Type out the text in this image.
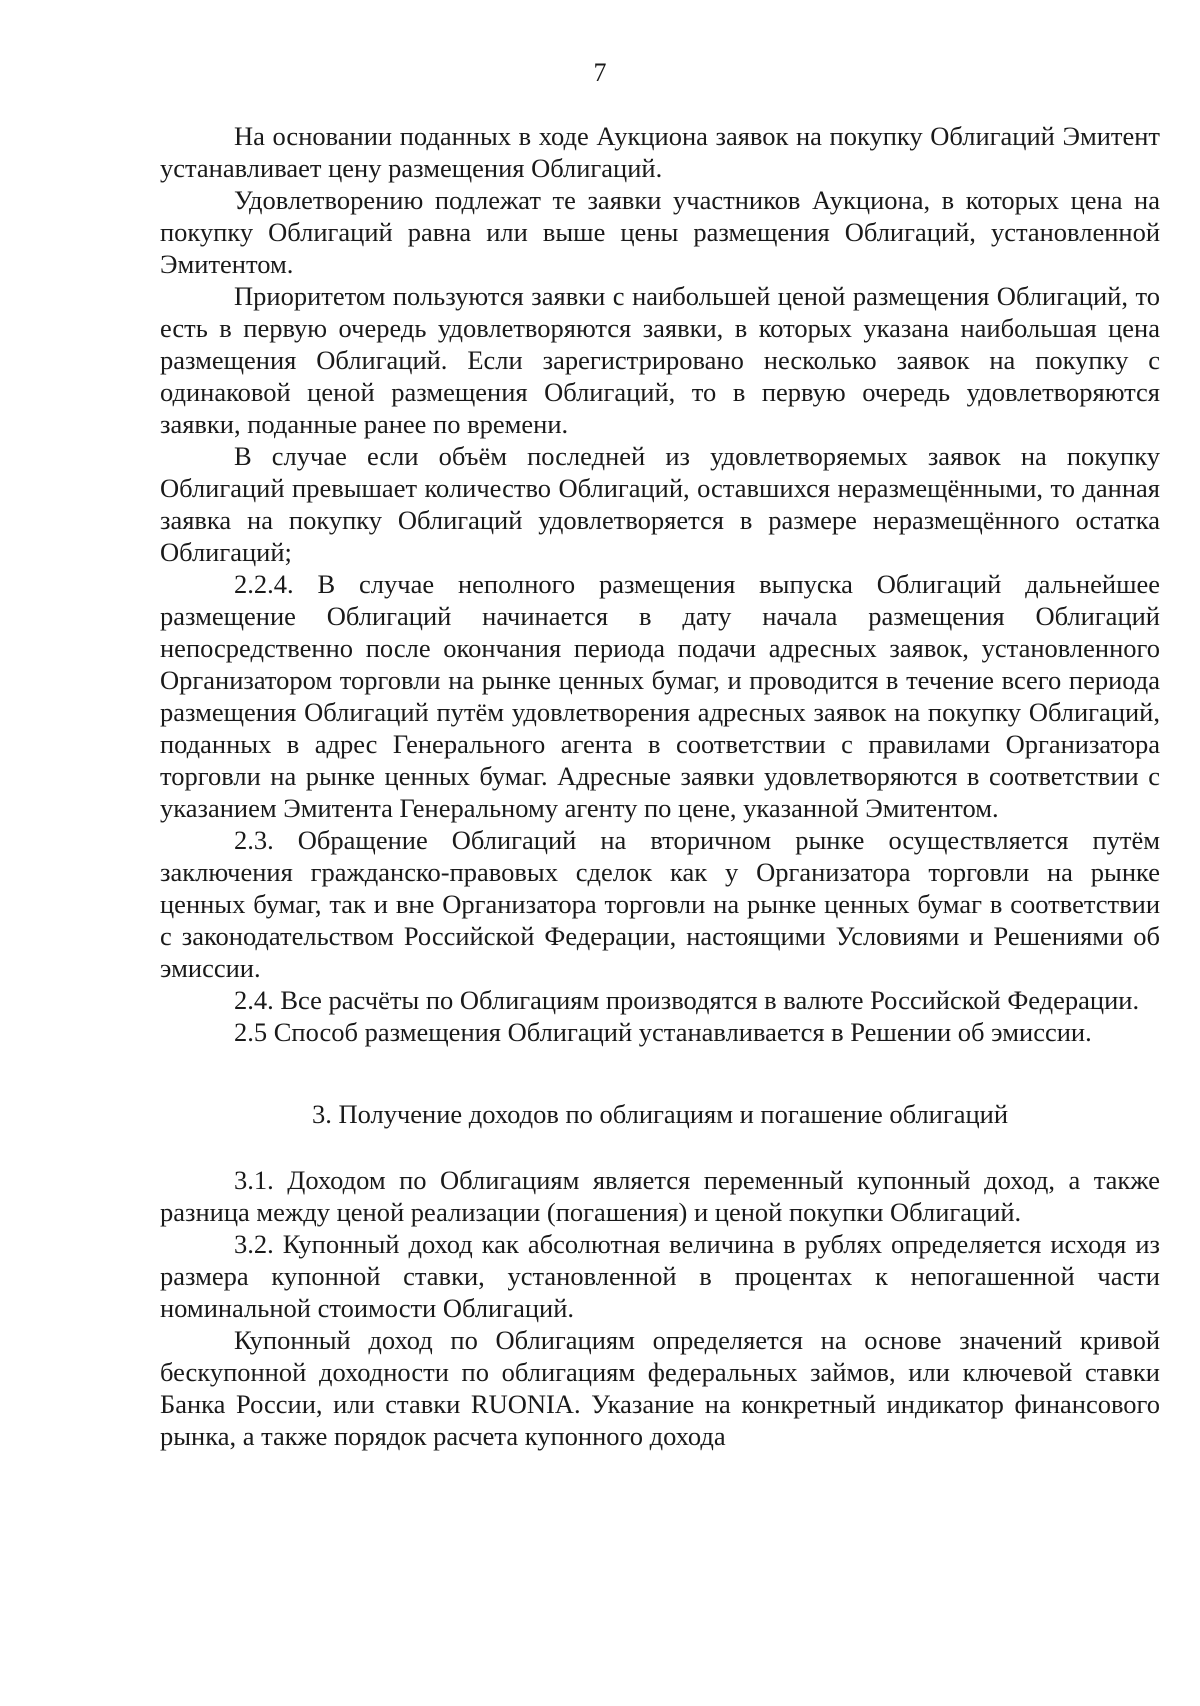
7

На основании поданных в ходе Аукциона заявок на покупку Облигаций Эмитент устанавливает цену размещения Облигаций.

Удовлетворению подлежат те заявки участников Аукциона, в которых цена на покупку Облигаций равна или выше цены размещения Облигаций, установленной Эмитентом.

Приоритетом пользуются заявки с наибольшей ценой размещения Облигаций, то есть в первую очередь удовлетворяются заявки, в которых указана наибольшая цена размещения Облигаций. Если зарегистрировано несколько заявок на покупку с одинаковой ценой размещения Облигаций, то в первую очередь удовлетворяются заявки, поданные ранее по времени.

В случае если объём последней из удовлетворяемых заявок на покупку Облигаций превышает количество Облигаций, оставшихся неразмещёнными, то данная заявка на покупку Облигаций удовлетворяется в размере неразмещённого остатка Облигаций;

2.2.4. В случае неполного размещения выпуска Облигаций дальнейшее размещение Облигаций начинается в дату начала размещения Облигаций непосредственно после окончания периода подачи адресных заявок, установленного Организатором торговли на рынке ценных бумаг, и проводится в течение всего периода размещения Облигаций путём удовлетворения адресных заявок на покупку Облигаций, поданных в адрес Генерального агента в соответствии с правилами Организатора торговли на рынке ценных бумаг. Адресные заявки удовлетворяются в соответствии с указанием Эмитента Генеральному агенту по цене, указанной Эмитентом.

2.3. Обращение Облигаций на вторичном рынке осуществляется путём заключения гражданско-правовых сделок как у Организатора торговли на рынке ценных бумаг, так и вне Организатора торговли на рынке ценных бумаг в соответствии с законодательством Российской Федерации, настоящими Условиями и Решениями об эмиссии.

2.4. Все расчёты по Облигациям производятся в валюте Российской Федерации.

2.5 Способ размещения Облигаций устанавливается в Решении об эмиссии.

3. Получение доходов по облигациям и погашение облигаций

3.1. Доходом по Облигациям является переменный купонный доход, а также разница между ценой реализации (погашения) и ценой покупки Облигаций.

3.2. Купонный доход как абсолютная величина в рублях определяется исходя из размера купонной ставки, установленной в процентах к непогашенной части номинальной стоимости Облигаций.

Купонный доход по Облигациям определяется на основе значений кривой бескупонной доходности по облигациям федеральных займов, или ключевой ставки Банка России, или ставки RUONIA. Указание на конкретный индикатор финансового рынка, а также порядок расчета купонного дохода
